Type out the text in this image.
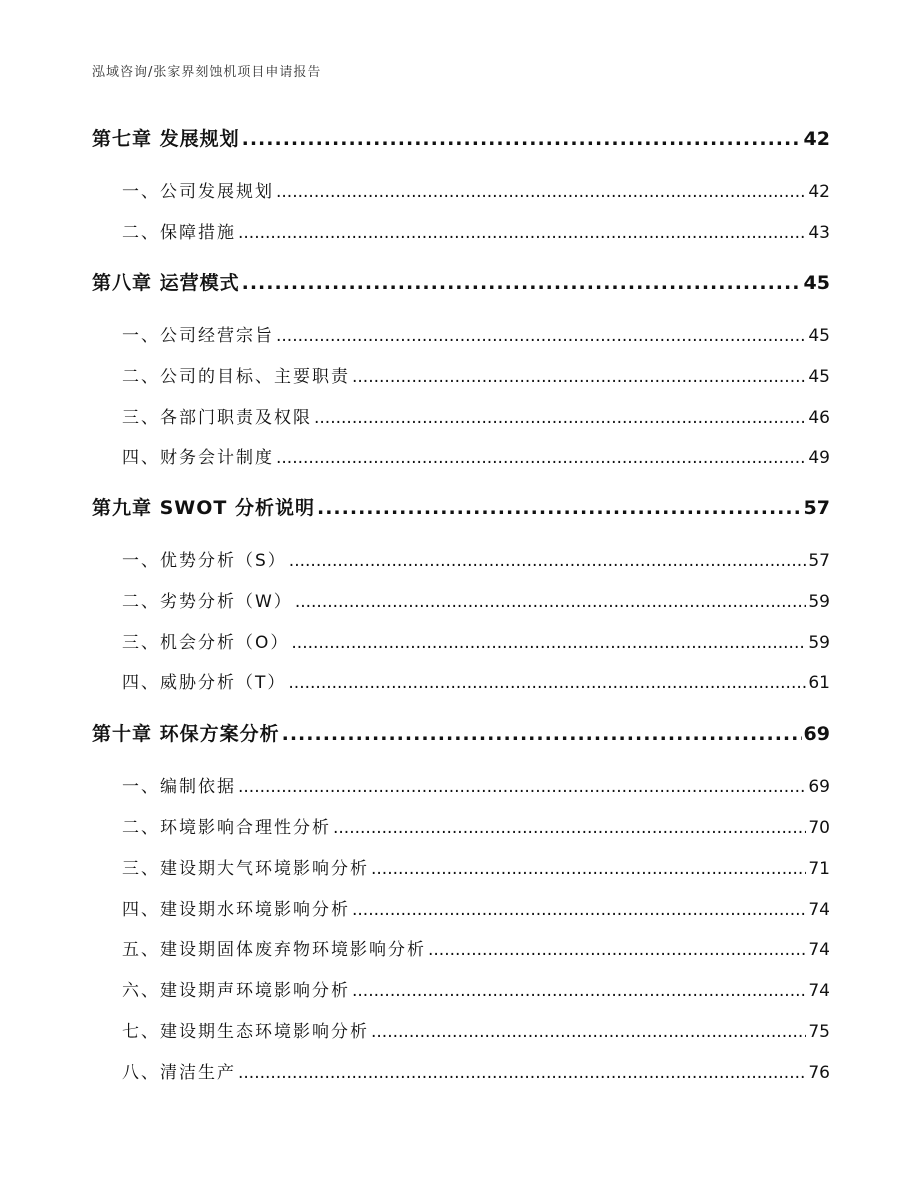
泓域咨询/张家界刻蚀机项目申请报告
第七章 发展规划 .....	42
一、公司发展规划 .....	42
二、保障措施 .....	43
第八章 运营模式 .....	45
一、公司经营宗旨 .....	45
二、公司的目标、主要职责 .....	45
三、各部门职责及权限 .....	46
四、财务会计制度 .....	49
第九章 SWOT 分析说明 .....	57
一、优势分析（S） .....	57
二、劣势分析（W） .....	59
三、机会分析（O） .....	59
四、威胁分析（T） .....	61
第十章 环保方案分析 .....	69
一、编制依据 .....	69
二、环境影响合理性分析 .....	70
三、建设期大气环境影响分析 .....	71
四、建设期水环境影响分析 .....	74
五、建设期固体废弃物环境影响分析 .....	74
六、建设期声环境影响分析 .....	74
七、建设期生态环境影响分析 .....	75
八、清洁生产 .....	76
